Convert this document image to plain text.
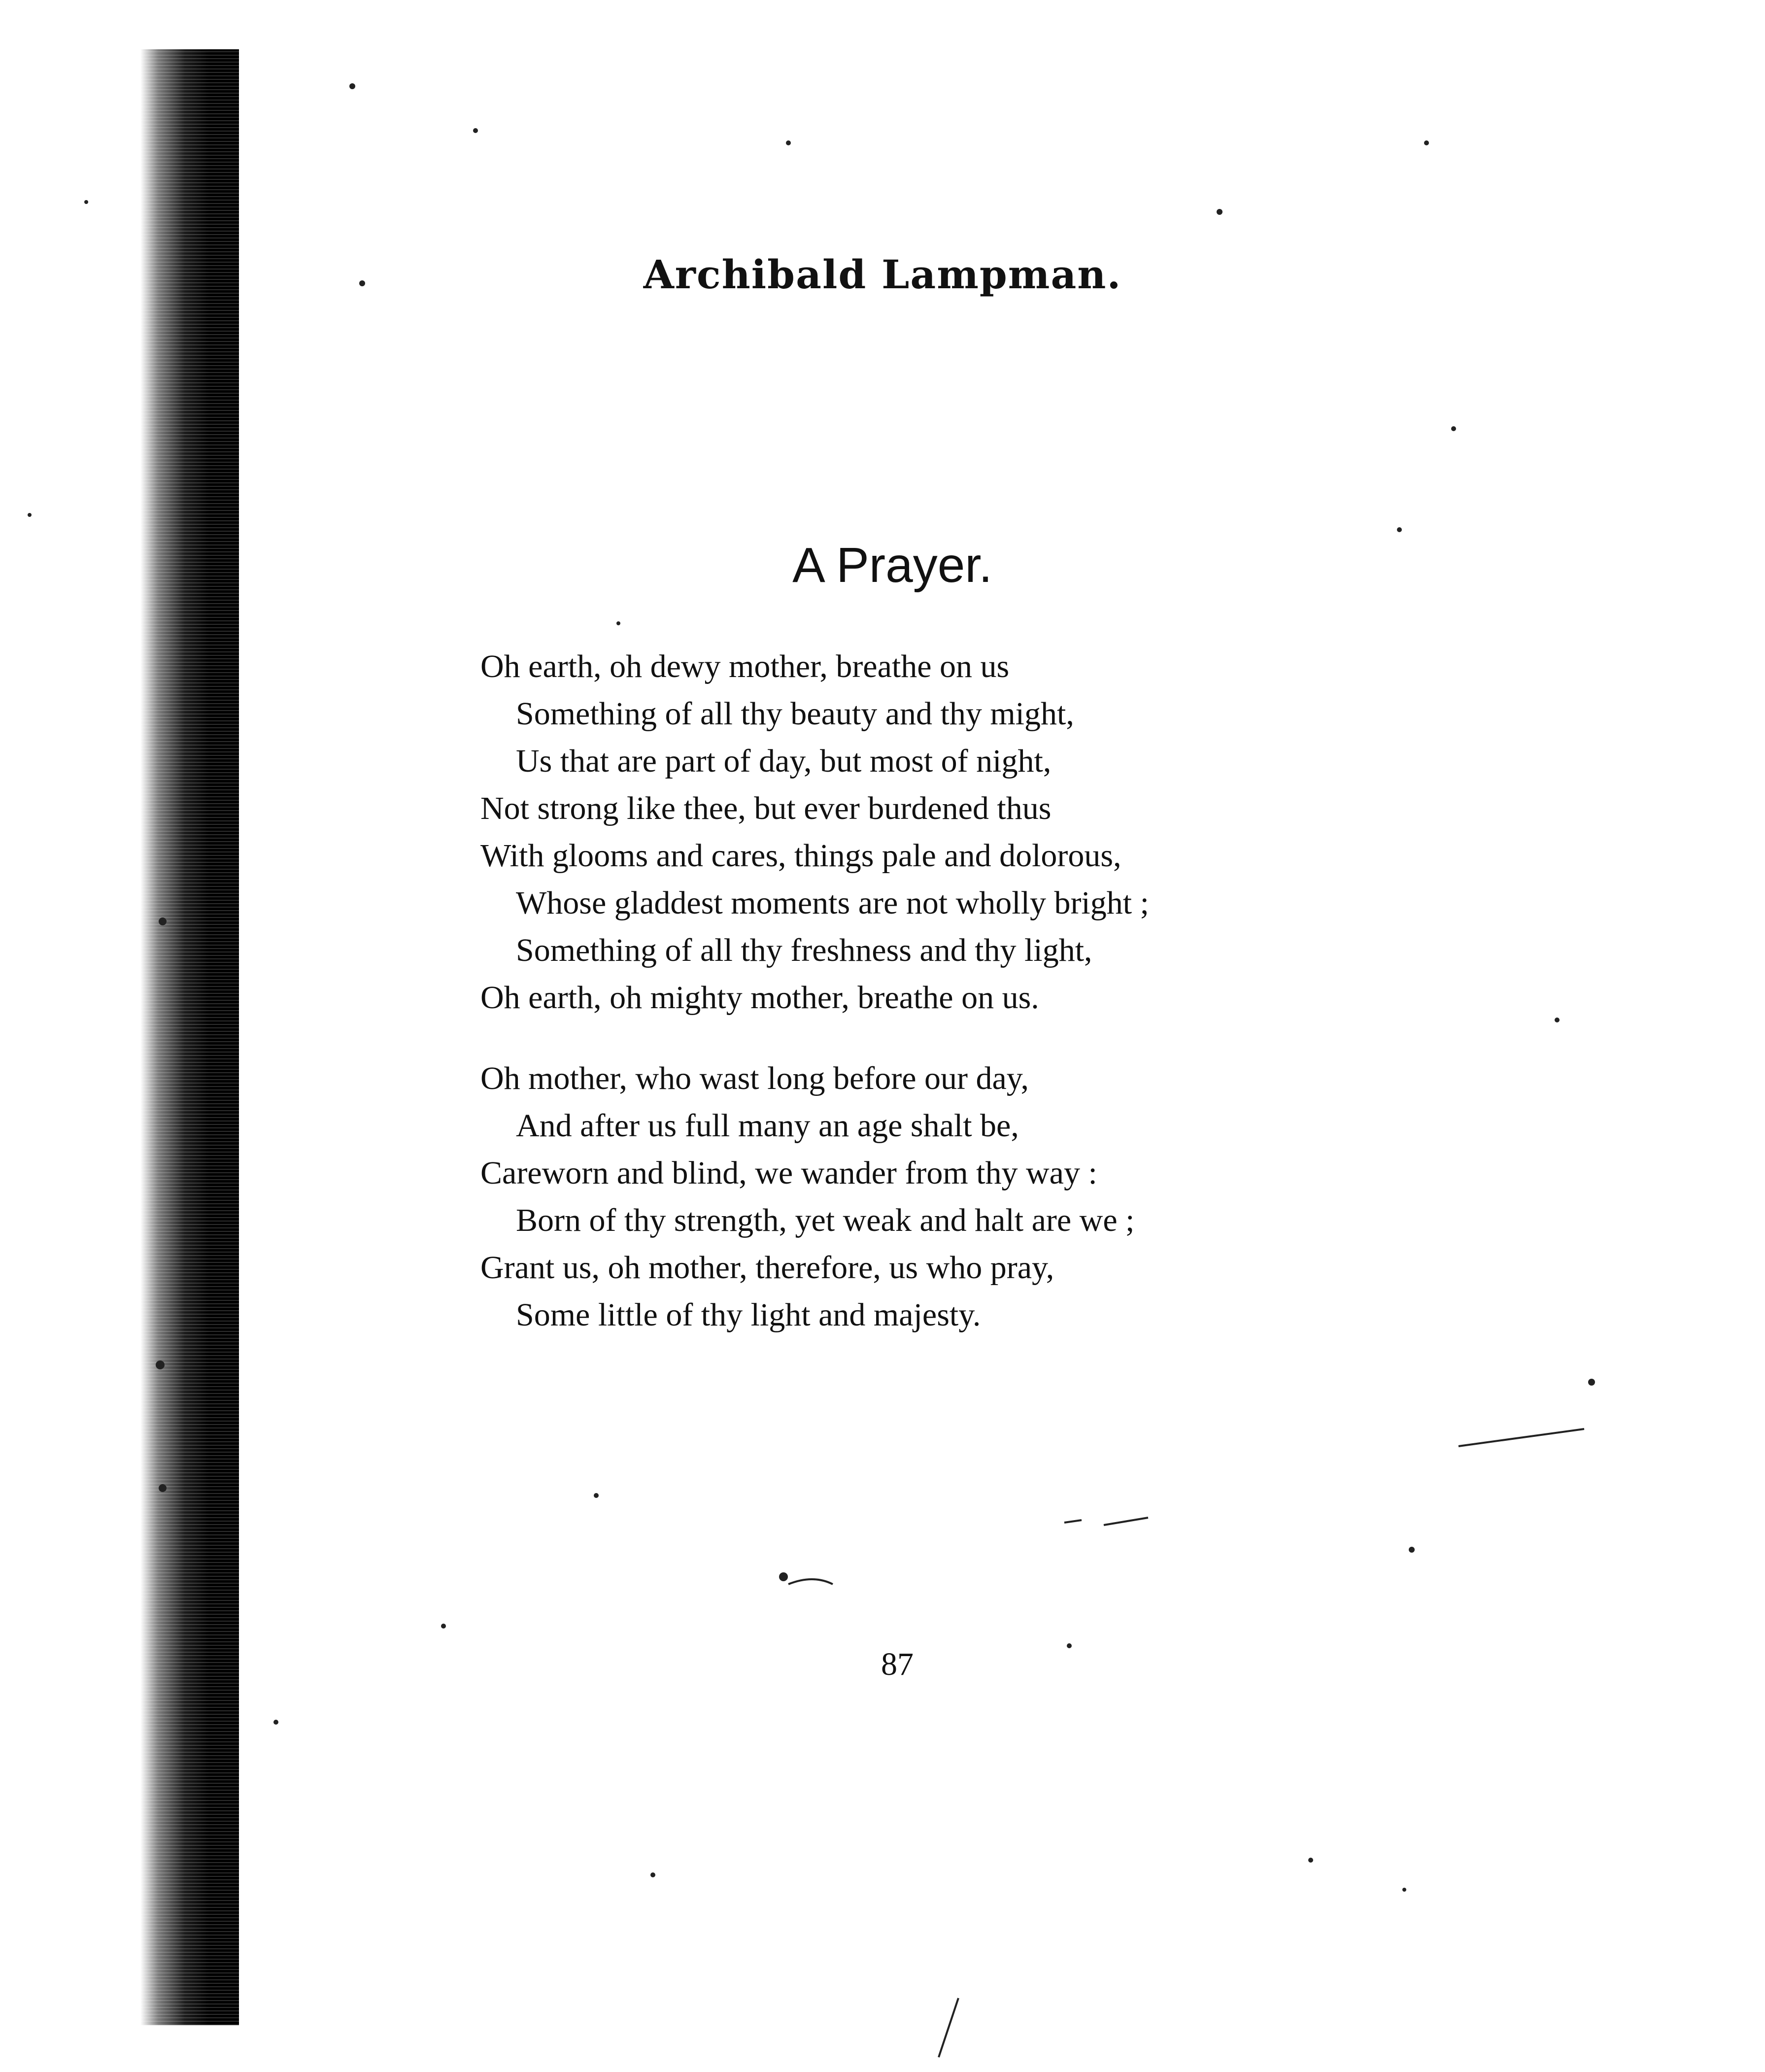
Archibald Lampman.
A Prayer.
Oh earth, oh dewy mother, breathe on us
Something of all thy beauty and thy might,
Us that are part of day, but most of night,
Not strong like thee, but ever burdened thus
With glooms and cares, things pale and dolorous,
Whose gladdest moments are not wholly bright ;
Something of all thy freshness and thy light,
Oh earth, oh mighty mother, breathe on us.
Oh mother, who wast long before our day,
And after us full many an age shalt be,
Careworn and blind, we wander from thy way :
Born of thy strength, yet weak and halt are we ;
Grant us, oh mother, therefore, us who pray,
Some little of thy light and majesty.
87
